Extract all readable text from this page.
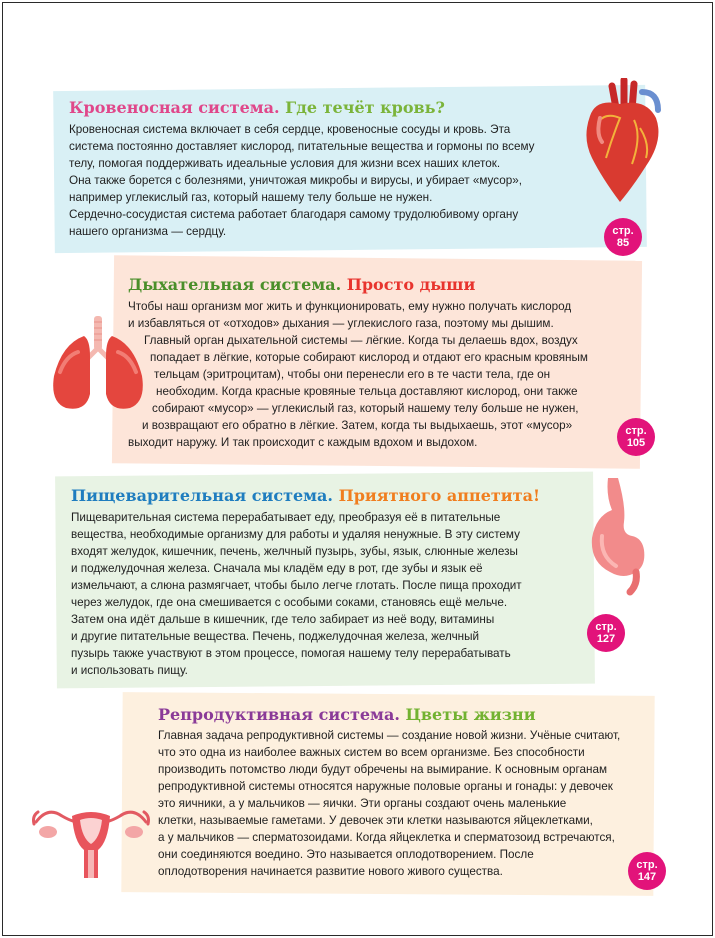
Кровеносная система. Где течёт кровь?
Кровеносная система включает в себя сердце, кровеносные сосуды и кровь. Эта
система постоянно доставляет кислород, питательные вещества и гормоны по всему
телу, помогая поддерживать идеальные условия для жизни всех наших клеток.
Она также борется с болезнями, уничтожая микробы и вирусы, и убирает «мусор»,
например углекислый газ, который нашему телу больше не нужен.
Сердечно-сосудистая система работает благодаря самому трудолюбивому органу
нашего организма — сердцу.	стр.
85
Дыхательная система. Просто дыши
Чтобы наш организм мог жить и функционировать, ему нужно получать кислород
и избавляться от «отходов» дыхания — углекислого газа, поэтому мы дышим.
Главный орган дыхательной системы — лёгкие. Когда ты делаешь вдох, воздух
попадает в лёгкие, которые собирают кислород и отдают его красным кровяным
тельцам (эритроцитам), чтобы они перенесли его в те части тела, где он
необходим. Когда красные кровяные тельца доставляют кислород, они также
собирают «мусор» — углекислый газ, который нашему телу больше не нужен,
и возвращают его обратно в лёгкие. Затем, когда ты выдыхаешь, этот «мусор»
выходит наружу. И так происходит с каждым вдохом и выдохом.
стр.
105
Пищеварительная система. Приятного аппетита!
Пищеварительная система перерабатывает еду, преобразуя её в питательные
вещества, необходимые организму для работы и удаляя ненужные. В эту систему
входят желудок, кишечник, печень, желчный пузырь, зубы, язык, слюнные железы
и поджелудочная железа. Сначала мы кладём еду в рот, где зубы и язык её
измельчают, а слюна размягчает, чтобы было легче глотать. После пища проходит
через желудок, где она смешивается с особыми соками, становясь ещё мельче.
Затем она идёт дальше в кишечник, где тело забирает из неё воду, витамины
и другие питательные вещества. Печень, поджелудочная железа, желчный
пузырь также участвуют в этом процессе, помогая нашему телу перерабатывать
и использовать пищу.
стр.
127
Репродуктивная система. Цветы жизни
Главная задача репродуктивной системы — создание новой жизни. Учёные считают,
что это одна из наиболее важных систем во всем организме. Без способности
производить потомство люди будут обречены на вымирание. К основным органам
репродуктивной системы относятся наружные половые органы и гонады: у девочек
это яичники, а у мальчиков — яички. Эти органы создают очень маленькие
клетки, называемые гаметами. У девочек эти клетки называются яйцеклетками,
а у мальчиков — сперматозоидами. Когда яйцеклетка и сперматозоид встречаются,
они соединяются воедино. Это называется оплодотворением. После
оплодотворения начинается развитие нового живого существа.	стр.
147
